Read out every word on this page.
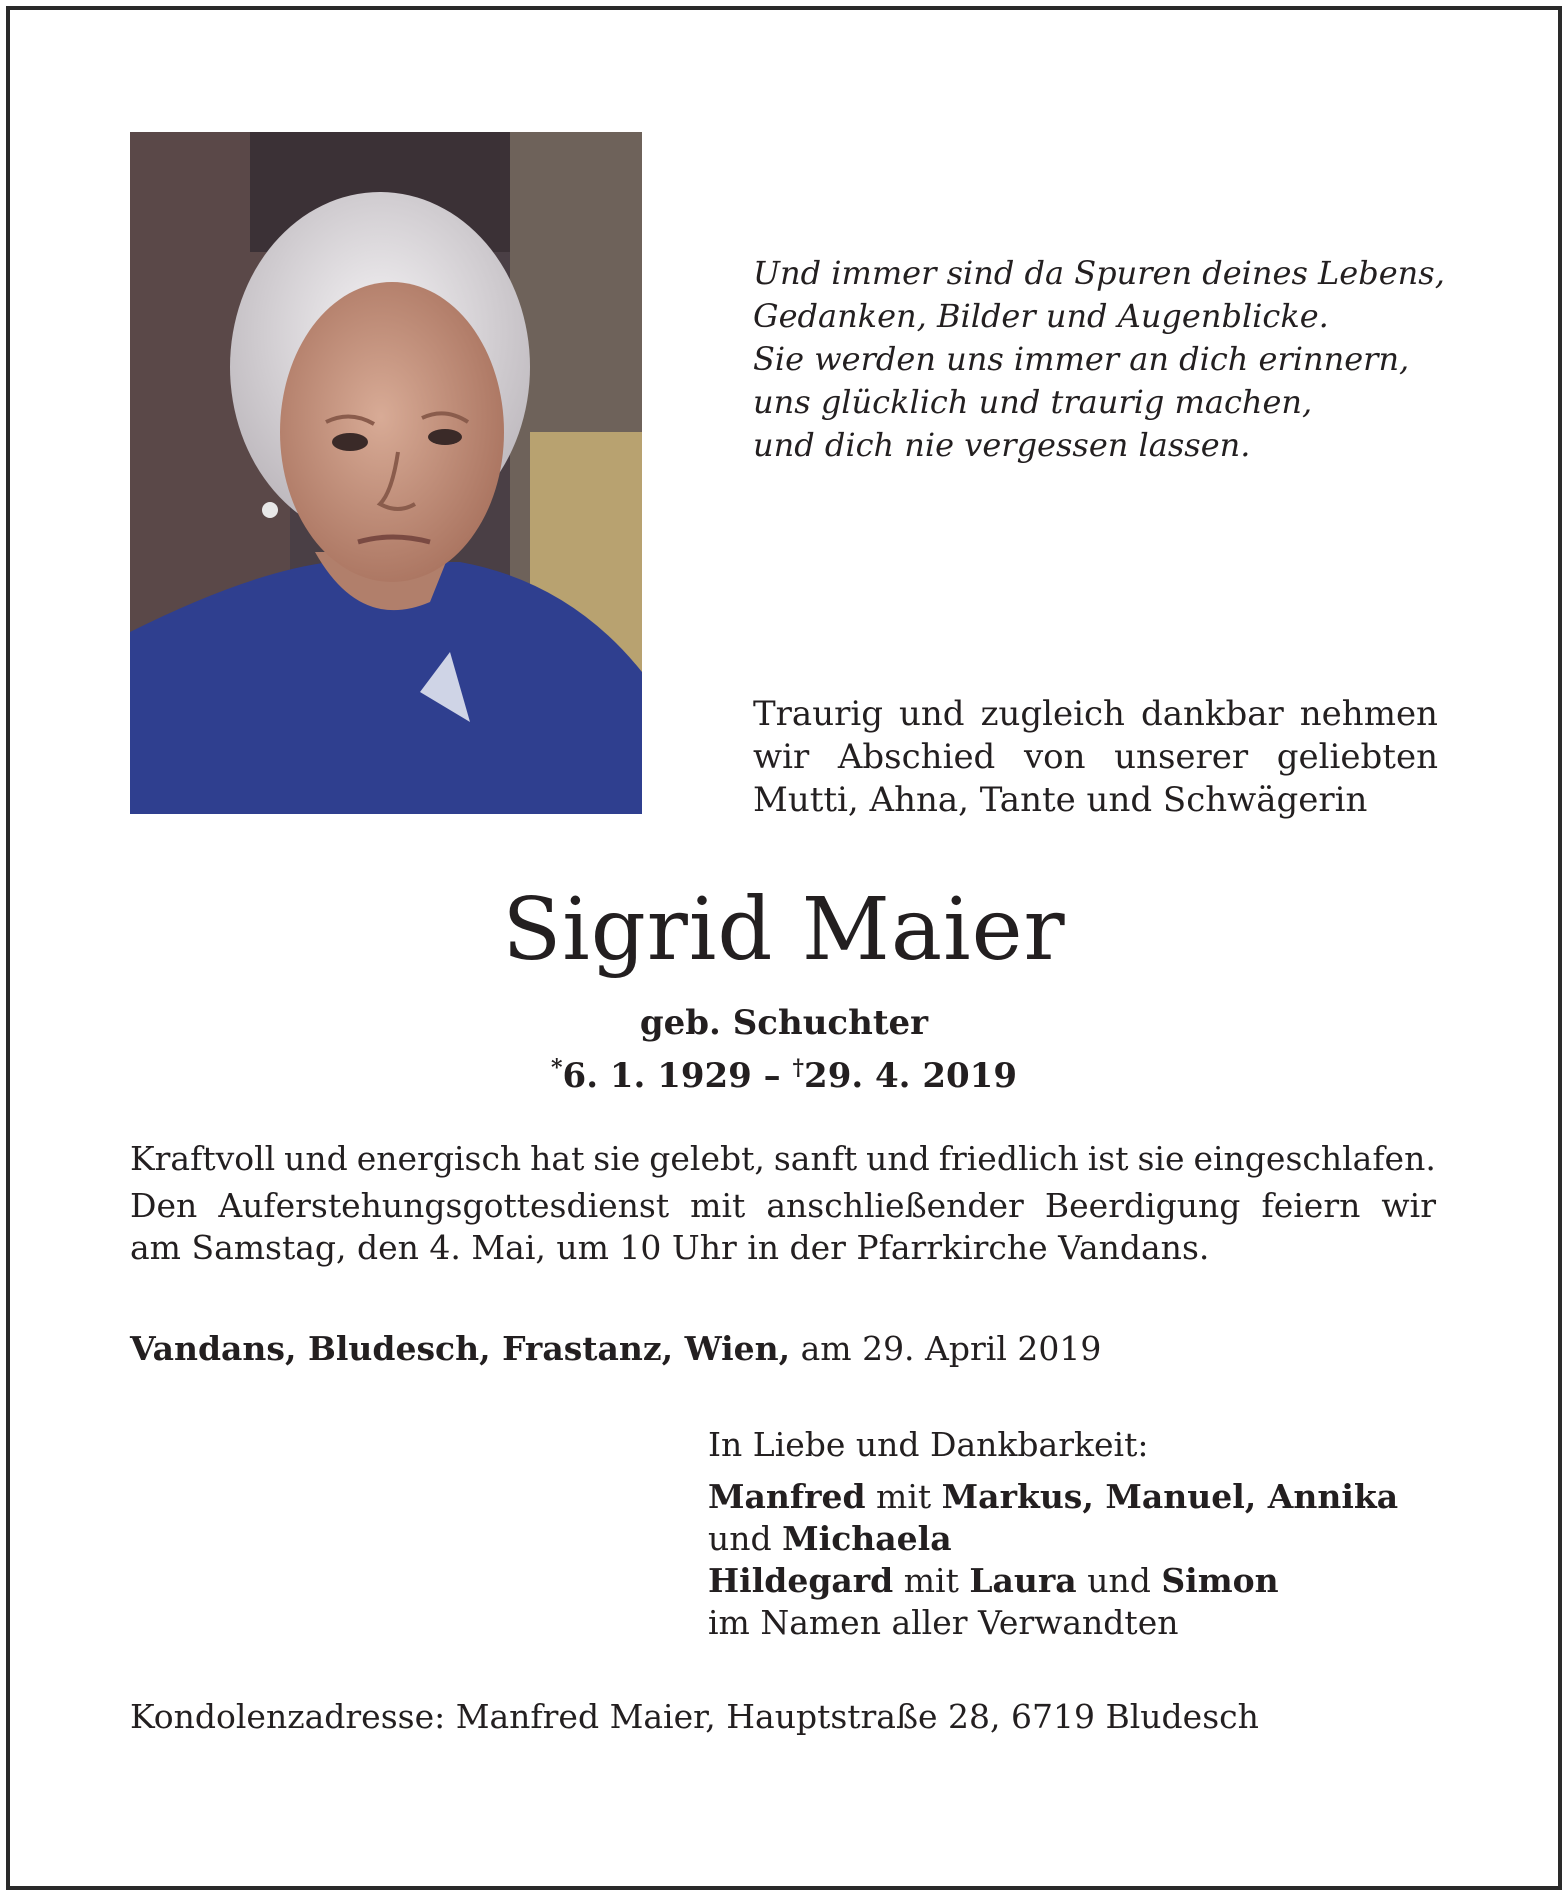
Und immer sind da Spuren deines Lebens,
Gedanken, Bilder und Augenblicke.
Sie werden uns immer an dich erinnern,
uns glücklich und traurig machen,
und dich nie vergessen lassen.
Traurig und zugleich dankbar nehmen
wir Abschied von unserer geliebten
Mutti, Ahna, Tante und Schwägerin
Sigrid Maier
geb. Schuchter
*6. 1. 1929 – †29. 4. 2019
Kraftvoll und energisch hat sie gelebt, sanft und friedlich ist sie eingeschlafen.
Den Auferstehungsgottesdienst mit anschließender Beerdigung feiern wir
am Samstag, den 4. Mai, um 10 Uhr in der Pfarrkirche Vandans.
Vandans, Bludesch, Frastanz, Wien, am 29. April 2019
In Liebe und Dankbarkeit:
Manfred mit Markus, Manuel, Annika
und Michaela
Hildegard mit Laura und Simon
im Namen aller Verwandten
Kondolenzadresse: Manfred Maier, Hauptstraße 28, 6719 Bludesch
